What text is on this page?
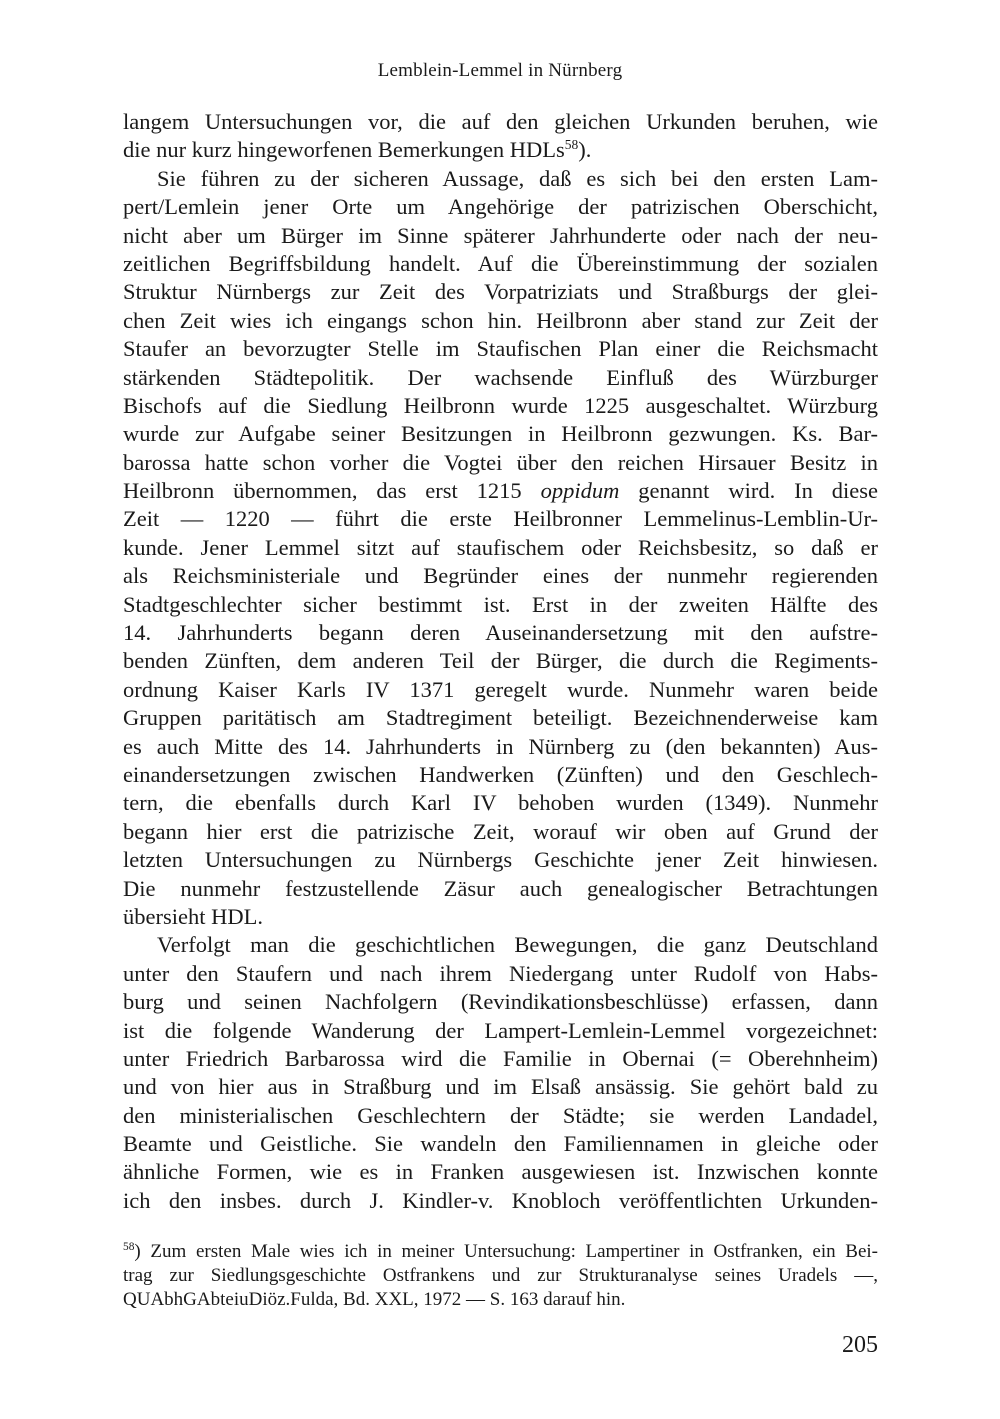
Lemblein-Lemmel in Nürnberg
langem Untersuchungen vor, die auf den gleichen Urkunden beruhen, wie
die nur kurz hingeworfenen Bemerkungen HDLs$^{58}$).
Sie führen zu der sicheren Aussage, daß es sich bei den ersten Lam-
pert/Lemlein jener Orte um Angehörige der patrizischen Oberschicht,
nicht aber um Bürger im Sinne späterer Jahrhunderte oder nach der neu-
zeitlichen Begriffsbildung handelt. Auf die Übereinstimmung der sozialen
Struktur Nürnbergs zur Zeit des Vorpatriziats und Straßburgs der glei-
chen Zeit wies ich eingangs schon hin. Heilbronn aber stand zur Zeit der
Staufer an bevorzugter Stelle im Staufischen Plan einer die Reichsmacht
stärkenden Städtepolitik. Der wachsende Einfluß des Würzburger
Bischofs auf die Siedlung Heilbronn wurde 1225 ausgeschaltet. Würzburg
wurde zur Aufgabe seiner Besitzungen in Heilbronn gezwungen. Ks. Bar-
barossa hatte schon vorher die Vogtei über den reichen Hirsauer Besitz in
Heilbronn übernommen, das erst 1215 oppidum genannt wird. In diese
Zeit — 1220 — führt die erste Heilbronner Lemmelinus-Lemblin-Ur-
kunde. Jener Lemmel sitzt auf staufischem oder Reichsbesitz, so daß er
als Reichsministeriale und Begründer eines der nunmehr regierenden
Stadtgeschlechter sicher bestimmt ist. Erst in der zweiten Hälfte des
14. Jahrhunderts begann deren Auseinandersetzung mit den aufstre-
benden Zünften, dem anderen Teil der Bürger, die durch die Regiments-
ordnung Kaiser Karls IV 1371 geregelt wurde. Nunmehr waren beide
Gruppen paritätisch am Stadtregiment beteiligt. Bezeichnenderweise kam
es auch Mitte des 14. Jahrhunderts in Nürnberg zu (den bekannten) Aus-
einandersetzungen zwischen Handwerken (Zünften) und den Geschlech-
tern, die ebenfalls durch Karl IV behoben wurden (1349). Nunmehr
begann hier erst die patrizische Zeit, worauf wir oben auf Grund der
letzten Untersuchungen zu Nürnbergs Geschichte jener Zeit hinwiesen.
Die nunmehr festzustellende Zäsur auch genealogischer Betrachtungen
übersieht HDL.
Verfolgt man die geschichtlichen Bewegungen, die ganz Deutschland
unter den Staufern und nach ihrem Niedergang unter Rudolf von Habs-
burg und seinen Nachfolgern (Revindikationsbeschlüsse) erfassen, dann
ist die folgende Wanderung der Lampert-Lemlein-Lemmel vorgezeichnet:
unter Friedrich Barbarossa wird die Familie in Obernai (= Oberehnheim)
und von hier aus in Straßburg und im Elsaß ansässig. Sie gehört bald zu
den ministerialischen Geschlechtern der Städte; sie werden Landadel,
Beamte und Geistliche. Sie wandeln den Familiennamen in gleiche oder
ähnliche Formen, wie es in Franken ausgewiesen ist. Inzwischen konnte
ich den insbes. durch J. Kindler-v. Knobloch veröffentlichten Urkunden-
$^{58}$) Zum ersten Male wies ich in meiner Untersuchung: Lampertiner in Ostfranken, ein Bei-
trag zur Siedlungsgeschichte Ostfrankens und zur Strukturanalyse seines Uradels —,
QUAbhGAbteiuDiöz.Fulda, Bd. XXL, 1972 — S. 163 darauf hin.
205
